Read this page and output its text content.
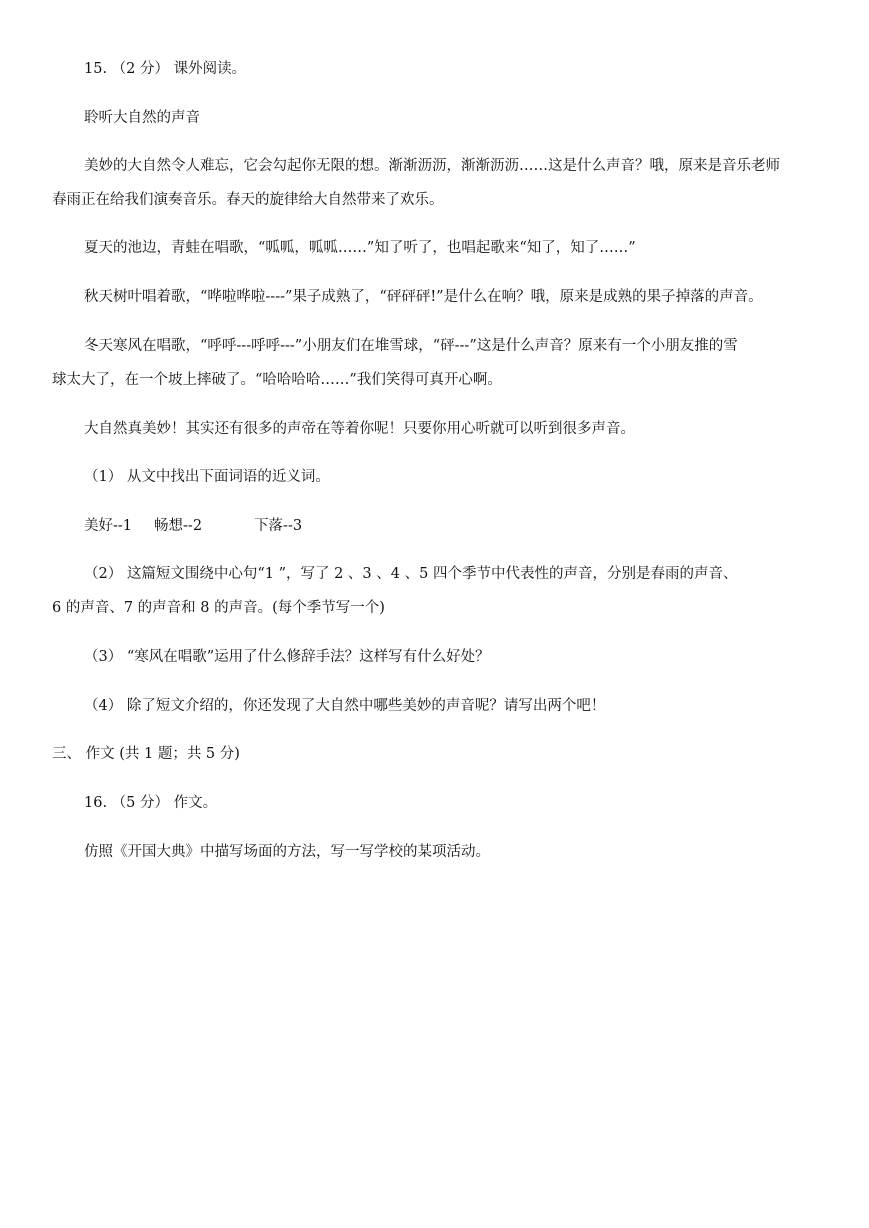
15. （2 分） 课外阅读。
聆听大自然的声音
美妙的大自然令人难忘，它会勾起你无限的想。渐渐沥沥，渐渐沥沥……这是什么声音？哦，原来是音乐老师
春雨正在给我们演奏音乐。春天的旋律给大自然带来了欢乐。
夏天的池边，青蛙在唱歌，“呱呱，呱呱……”知了听了，也唱起歌来“知了，知了……”
秋天树叶唱着歌，“哗啦哗啦----”果子成熟了，“砰砰砰!”是什么在响？哦，原来是成熟的果子掉落的声音。
冬天寒风在唱歌，“呼呼---呼呼---”小朋友们在堆雪球，“砰---”这是什么声音？原来有一个小朋友推的雪
球太大了，在一个坡上摔破了。“哈哈哈哈……”我们笑得可真开心啊。
大自然真美妙！其实还有很多的声帝在等着你呢！只要你用心听就可以听到很多声音。
（1） 从文中找出下面词语的近义词。
美好--1 畅想--2	下落--3
（2） 这篇短文围绕中心句“1 ”，写了 2 、3 、4 、5 四个季节中代表性的声音，分别是春雨的声音、
6 的声音、7 的声音和 8 的声音。(每个季节写一个)
（3） “寒风在唱歌”运用了什么修辞手法？这样写有什么好处？
（4） 除了短文介绍的，你还发现了大自然中哪些美妙的声音呢？请写出两个吧！
三、 作文 (共 1 题；共 5 分)
16. （5 分） 作文。
仿照《开国大典》中描写场面的方法，写一写学校的某项活动。
